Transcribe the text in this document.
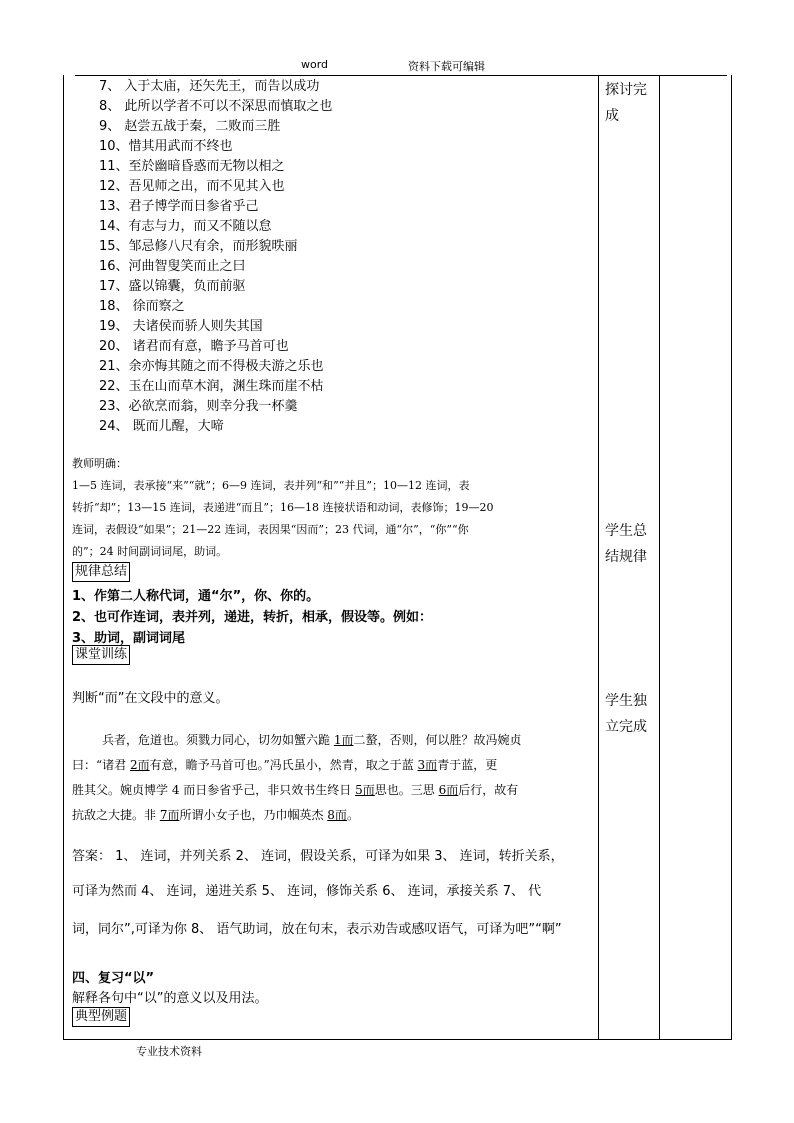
word	资料下载可编辑
7、 入于太庙，还矢先王，而告以成功
8、 此所以学者不可以不深思而慎取之也
9、 赵尝五战于秦，二败而三胜
10、惜其用武而不终也
11、至於幽暗昏惑而无物以相之
12、吾见师之出，而不见其入也
13、君子博学而日参省乎己
14、有志与力，而又不随以怠
15、邹忌修八尺有余，而形貌昳丽
16、河曲智叟笑而止之曰
17、盛以锦囊，负而前驱
18、 徐而察之
19、 夫诸侯而骄人则失其国
20、 诸君而有意，瞻予马首可也
21、余亦悔其随之而不得极夫游之乐也
22、玉在山而草木润，渊生珠而崖不枯
23、必欲烹而翁，则幸分我一杯羹
24、 既而儿醒，大啼
教师明确：
1—5 连词，表承接“来”“就”；6—9 连词，表并列“和”“并且”；10—12 连词，表
转折“却”；13—15 连词，表递进“而且”；16—18 连接状语和动词，表修饰；19—20
连词，表假设“如果”；21—22 连词，表因果“因而”；23 代词，通“尔”，“你”“你
的”；24 时间副词词尾，助词。
规律总结
1、作第二人称代词，通“尔”，你、你的。
2、也可作连词，表并列，递进，转折，相承，假设等。例如：
3、助词，副词词尾
课堂训练
判断“而”在文段中的意义。
兵者，危道也。须戮力同心，切勿如蟹六跪 1而二螯，否则，何以胜？故冯婉贞
曰：“诸君 2而有意，瞻予马首可也。”冯氏虽小，然青，取之于蓝 3而青于蓝，更
胜其父。婉贞博学 4 而日参省乎己，非只效书生终日 5而思也。三思 6而后行，故有
抗敌之大捷。非 7而所谓小女子也，乃巾帼英杰 8而。
答案： 1、 连词，并列关系 2、 连词，假设关系，可译为如果 3、 连词，转折关系，
可译为然而 4、 连词，递进关系 5、 连词，修饰关系 6、 连词，承接关系 7、 代
词，同尔”,可译为你 8、 语气助词，放在句末，表示劝告或感叹语气，可译为吧”“啊”
四、复习“以”
解释各句中“以”的意义以及用法。
典型例题
探讨完
成
学生总
结规律
学生独
立完成
专业技术资料
